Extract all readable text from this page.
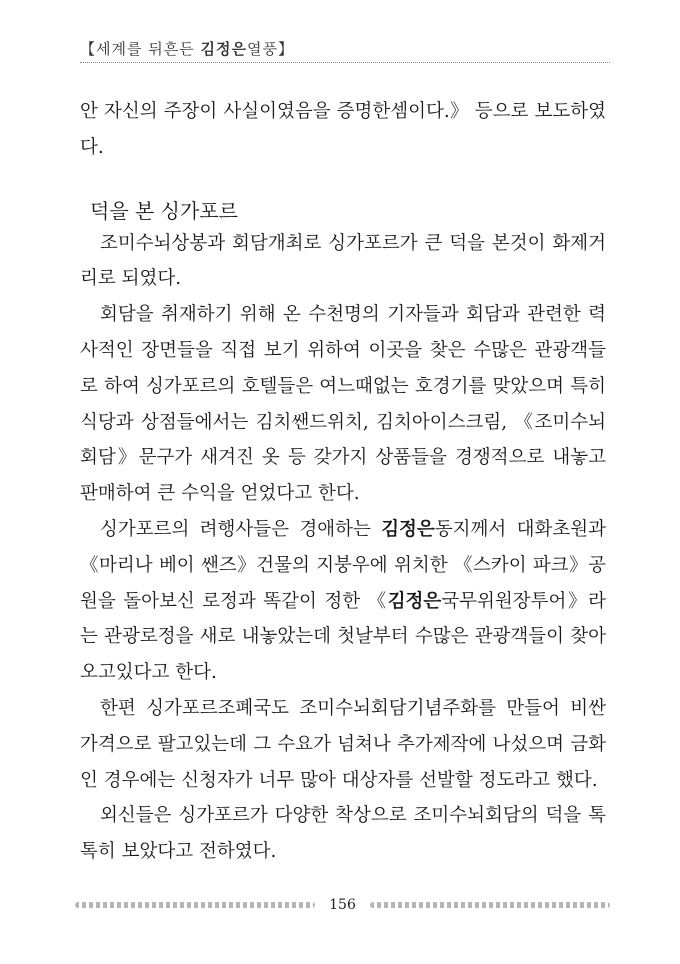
【세계를 뒤흔든 김정은열풍】

안 자신의 주장이 사실이였음을 증명한셈이다.》 등으로 보도하였다.

덕을 본 싱가포르

조미수뇌상봉과 회담개최로 싱가포르가 큰 덕을 본것이 화제거리로 되였다.

회담을 취재하기 위해 온 수천명의 기자들과 회담과 관련한 력사적인 장면들을 직접 보기 위하여 이곳을 찾은 수많은 관광객들로 하여 싱가포르의 호텔들은 여느때없는 호경기를 맞았으며 특히 식당과 상점들에서는 김치쌘드위치, 김치아이스크림, 《조미수뇌회담》문구가 새겨진 옷 등 갖가지 상품들을 경쟁적으로 내놓고 판매하여 큰 수익을 얻었다고 한다.

싱가포르의 려행사들은 경애하는 김정은동지께서 대화초원과 《마리나 베이 쌘즈》건물의 지붕우에 위치한 《스카이 파크》공원을 돌아보신 로정과 똑같이 정한 《김정은국무위원장투어》라는 관광로정을 새로 내놓았는데 첫날부터 수많은 관광객들이 찾아오고있다고 한다.

한편 싱가포르조폐국도 조미수뇌회담기념주화를 만들어 비싼 가격으로 팔고있는데 그 수요가 넘쳐나 추가제작에 나섰으며 금화인 경우에는 신청자가 너무 많아 대상자를 선발할 정도라고 했다.

외신들은 싱가포르가 다양한 착상으로 조미수뇌회담의 덕을 톡톡히 보았다고 전하였다.

156
